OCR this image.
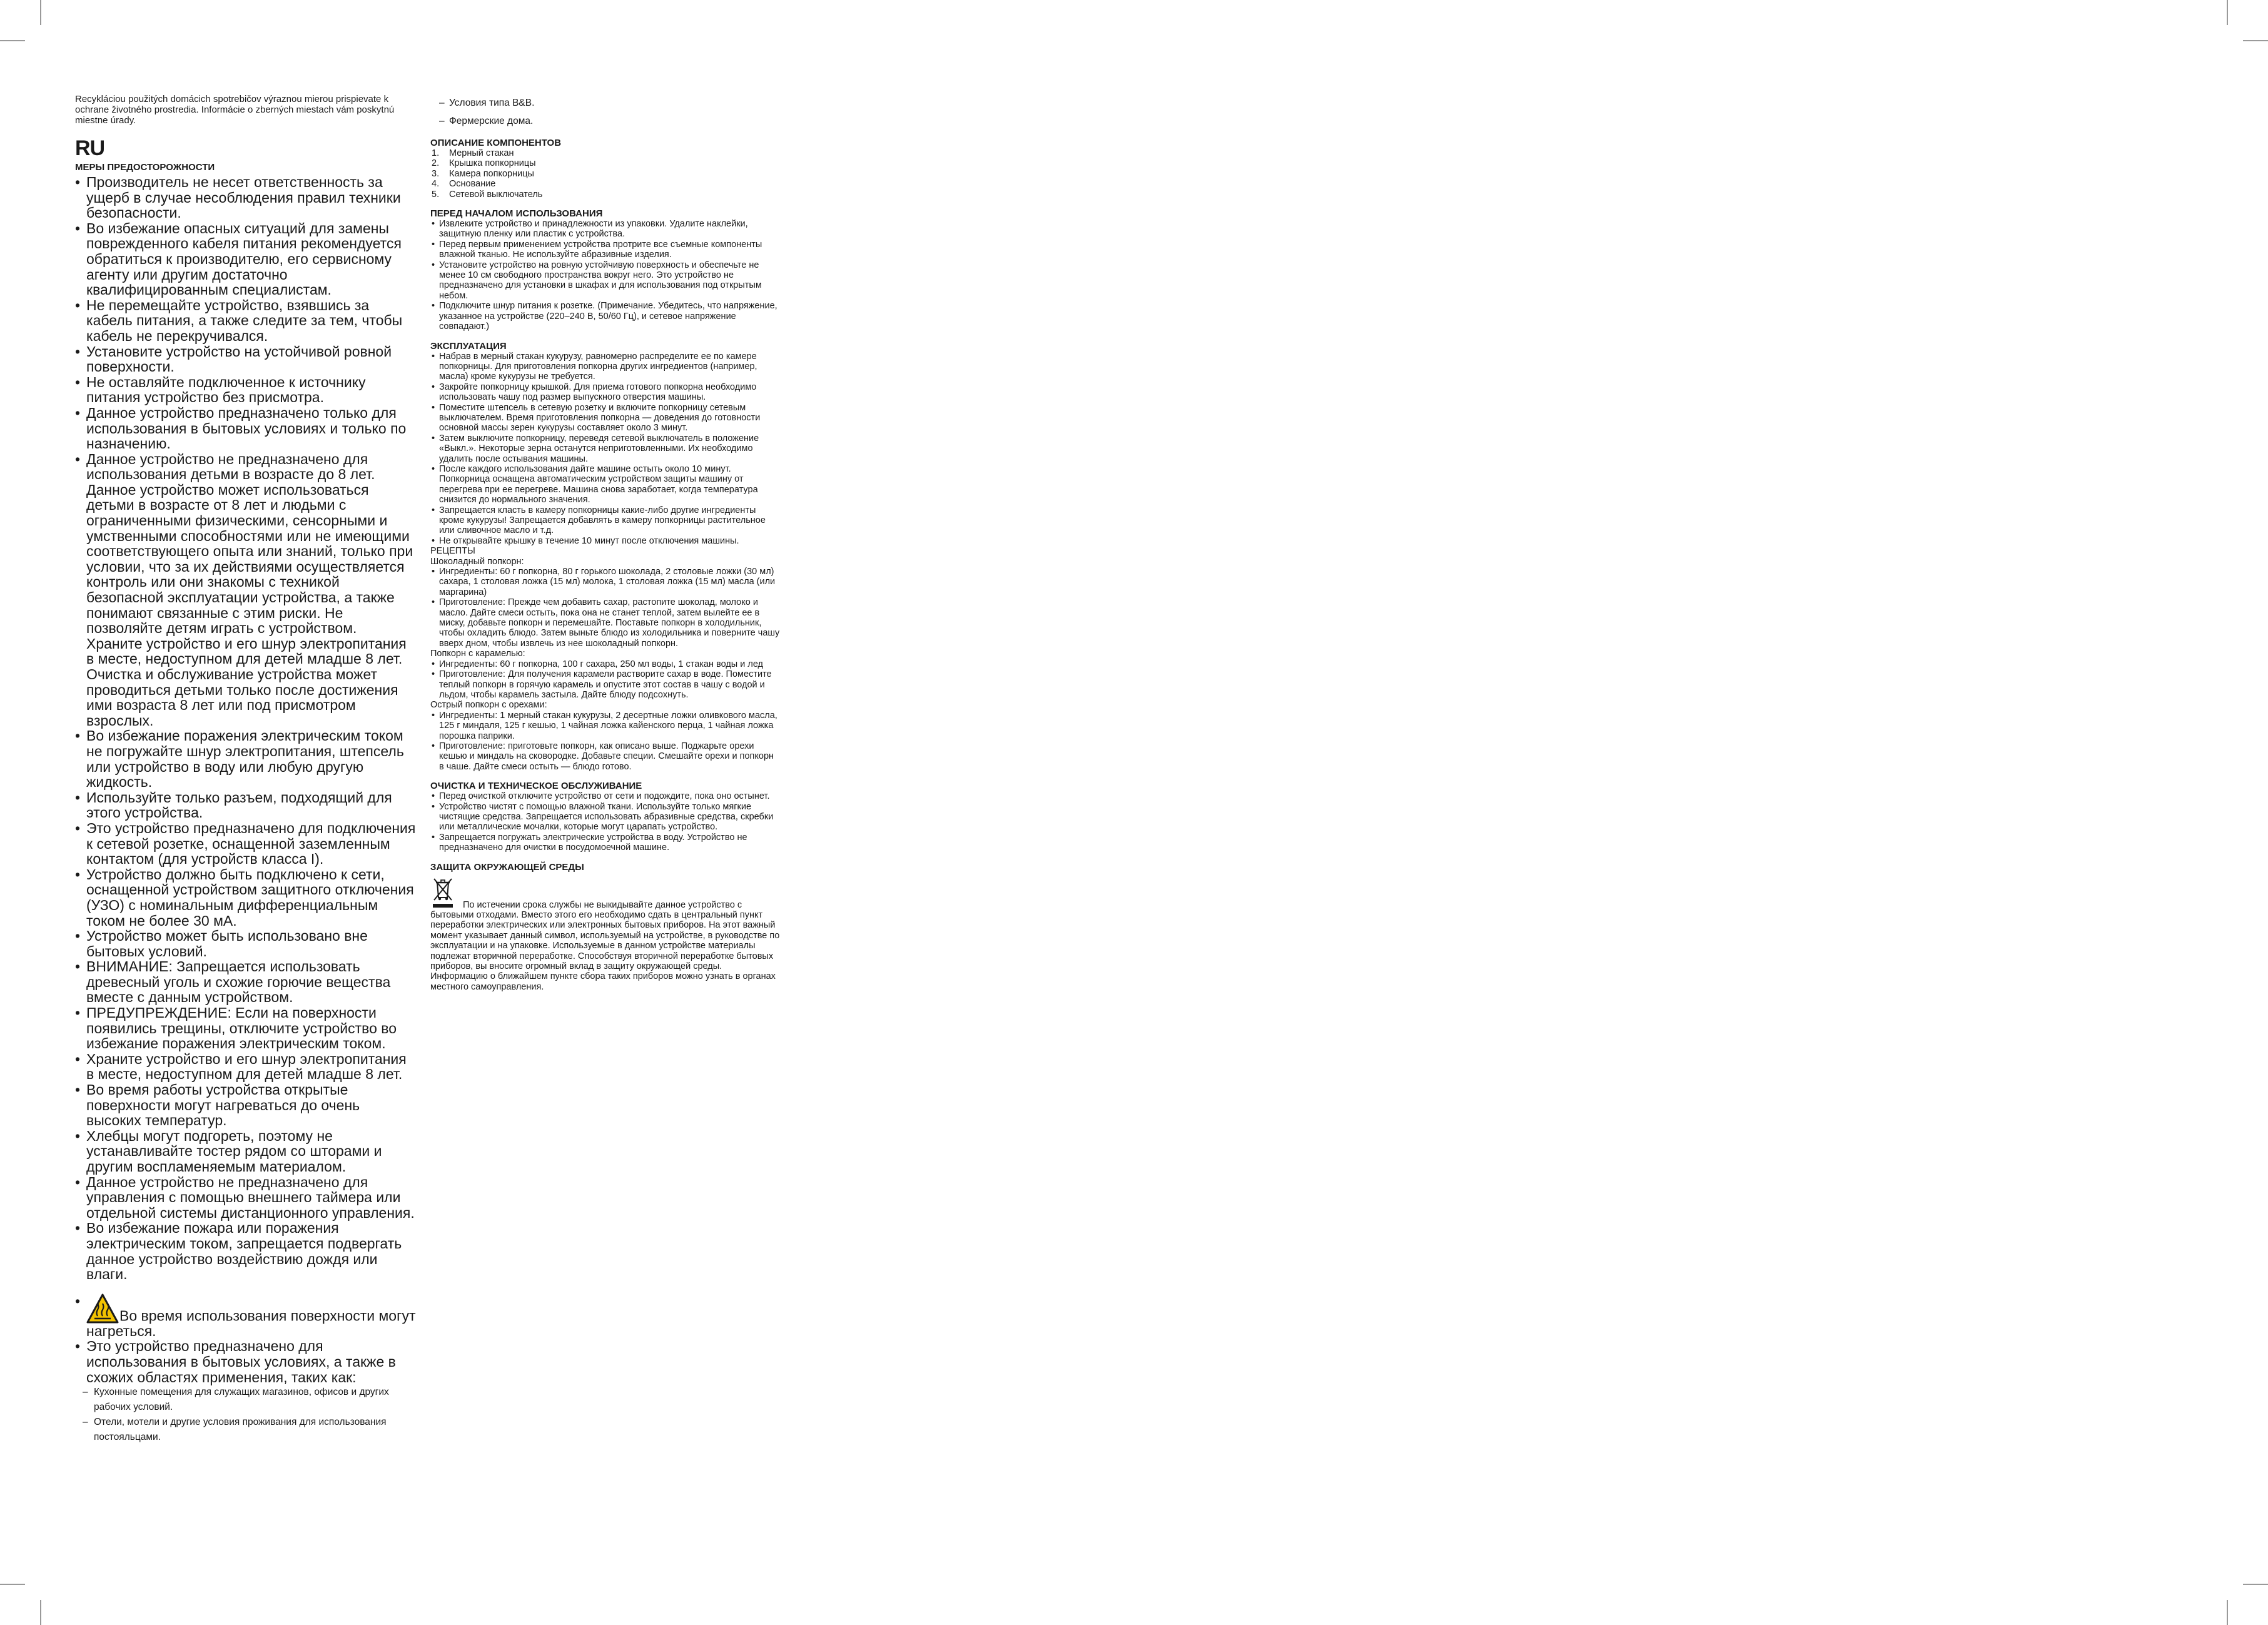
Recykláciou použitých domácich spotrebičov výraznou mierou prispievate k ochrane životného prostredia. Informácie o zberných miestach vám poskytnú miestne úrady.

RU
МЕРЫ ПРЕДОСТОРОЖНОСТИ
• Производитель не несет ответственность за ущерб в случае несоблюдения правил техники безопасности.
• Во избежание опасных ситуаций для замены поврежденного кабеля питания рекомендуется обратиться к производителю, его сервисному агенту или другим достаточно квалифицированным специалистам.
• Не перемещайте устройство, взявшись за кабель питания, а также следите за тем, чтобы кабель не перекручивался.
• Установите устройство на устойчивой ровной поверхности.
• Не оставляйте подключенное к источнику питания устройство без присмотра.
• Данное устройство предназначено только для использования в бытовых условиях и только по назначению.
• Данное устройство не предназначено для использования детьми в возрасте до 8 лет. Данное устройство может использоваться детьми в возрасте от 8 лет и людьми с ограниченными физическими, сенсорными и умственными способностями или не имеющими соответствующего опыта или знаний, только при условии, что за их действиями осуществляется контроль или они знакомы с техникой безопасной эксплуатации устройства, а также понимают связанные с этим риски. Не позволяйте детям играть с устройством. Храните устройство и его шнур электропитания в месте, недоступном для детей младше 8 лет. Очистка и обслуживание устройства может проводиться детьми только после достижения ими возраста 8 лет или под присмотром взрослых.
• Во избежание поражения электрическим током не погружайте шнур электропитания, штепсель или устройство в воду или любую другую жидкость.
• Используйте только разъем, подходящий для этого устройства.
• Это устройство предназначено для подключения к сетевой розетке, оснащенной заземленным контактом (для устройств класса I).
• Устройство должно быть подключено к сети, оснащенной устройством защитного отключения (УЗО) с номинальным дифференциальным током не более 30 мА.
• Устройство может быть использовано вне бытовых условий.
• ВНИМАНИЕ: Запрещается использовать древесный уголь и схожие горючие вещества вместе с данным устройством.
• ПРЕДУПРЕЖДЕНИЕ: Если на поверхности появились трещины, отключите устройство во избежание поражения электрическим током.
• Храните устройство и его шнур электропитания в месте, недоступном для детей младше 8 лет.
• Во время работы устройства открытые поверхности могут нагреваться до очень высоких температур.
• Хлебцы могут подгореть, поэтому не устанавливайте тостер рядом со шторами и другим воспламеняемым материалом.
• Данное устройство не предназначено для управления с помощью внешнего таймера или отдельной системы дистанционного управления.
• Во избежание пожара или поражения электрическим током, запрещается подвергать данное устройство воздействию дождя или влаги.
• Во время использования поверхности могут нагреться.
• Это устройство предназначено для использования в бытовых условиях, а также в схожих областях применения, таких как:
– Кухонные помещения для служащих магазинов, офисов и других рабочих условий.
– Отели, мотели и другие условия проживания для использования постояльцами.
– Условия типа B&B.
– Фермерские дома.
ОПИСАНИЕ КОМПОНЕНТОВ
1. Мерный стакан
2. Крышка попкорницы
3. Камера попкорницы
4. Основание
5. Сетевой выключатель
ПЕРЕД НАЧАЛОМ ИСПОЛЬЗОВАНИЯ
• Извлеките устройство и принадлежности из упаковки. Удалите наклейки, защитную пленку или пластик с устройства.
• Перед первым применением устройства протрите все съемные компоненты влажной тканью. Не используйте абразивные изделия.
• Установите устройство на ровную устойчивую поверхность и обеспечьте не менее 10 см свободного пространства вокруг него. Это устройство не предназначено для установки в шкафах и для использования под открытым небом.
• Подключите шнур питания к розетке. (Примечание. Убедитесь, что напряжение, указанное на устройстве (220–240 В, 50/60 Гц), и сетевое напряжение совпадают.)
ЭКСПЛУАТАЦИЯ
• Набрав в мерный стакан кукурузу, равномерно распределите ее по камере попкорницы. Для приготовления попкорна других ингредиентов (например, масла) кроме кукурузы не требуется.
• Закройте попкорницу крышкой. Для приема готового попкорна необходимо использовать чашу под размер выпускного отверстия машины.
• Поместите штепсель в сетевую розетку и включите попкорницу сетевым выключателем. Время приготовления попкорна — доведения до готовности основной массы зерен кукурузы составляет около 3 минут.
• Затем выключите попкорницу, переведя сетевой выключатель в положение «Выкл.». Некоторые зерна останутся неприготовленными. Их необходимо удалить после остывания машины.
• После каждого использования дайте машине остыть около 10 минут. Попкорница оснащена автоматическим устройством защиты машину от перегрева при ее перегреве. Машина снова заработает, когда температура снизится до нормального значения.
• Запрещается класть в камеру попкорницы какие-либо другие ингредиенты кроме кукурузы! Запрещается добавлять в камеру попкорницы растительное или сливочное масло и т.д.
• Не открывайте крышку в течение 10 минут после отключения машины.
РЕЦЕПТЫ
Шоколадный попкорн:
• Ингредиенты: 60 г попкорна, 80 г горького шоколада, 2 столовые ложки (30 мл) сахара, 1 столовая ложка (15 мл) молока, 1 столовая ложка (15 мл) масла (или маргарина)
• Приготовление: Прежде чем добавить сахар, растопите шоколад, молоко и масло. Дайте смеси остыть, пока она не станет теплой, затем вылейте ее в миску, добавьте попкорн и перемешайте. Поставьте попкорн в холодильник, чтобы охладить блюдо. Затем выньте блюдо из холодильника и поверните чашу вверх дном, чтобы извлечь из нее шоколадный попкорн.
Попкорн с карамелью:
• Ингредиенты: 60 г попкорна, 100 г сахара, 250 мл воды, 1 стакан воды и лед
• Приготовление: Для получения карамели растворите сахар в воде. Поместите теплый попкорн в горячую карамель и опустите этот состав в чашу с водой и льдом, чтобы карамель застыла. Дайте блюду подсохнуть.
Острый попкорн с орехами:
• Ингредиенты: 1 мерный стакан кукурузы, 2 десертные ложки оливкового масла, 125 г миндаля, 125 г кешью, 1 чайная ложка кайенского перца, 1 чайная ложка порошка паприки.
• Приготовление: приготовьте попкорн, как описано выше. Поджарьте орехи кешью и миндаль на сковородке. Добавьте специи. Смешайте орехи и попкорн в чаше. Дайте смеси остыть — блюдо готово.
ОЧИСТКА И ТЕХНИЧЕСКОЕ ОБСЛУЖИВАНИЕ
• Перед очисткой отключите устройство от сети и подождите, пока оно остынет.
• Устройство чистят с помощью влажной ткани. Используйте только мягкие чистящие средства. Запрещается использовать абразивные средства, скребки или металлические мочалки, которые могут царапать устройство.
• Запрещается погружать электрические устройства в воду. Устройство не предназначено для очистки в посудомоечной машине.
ЗАЩИТА ОКРУЖАЮЩЕЙ СРЕДЫ
По истечении срока службы не выкидывайте данное устройство с бытовыми отходами. Вместо этого его необходимо сдать в центральный пункт переработки электрических или электронных бытовых приборов. На этот важный момент указывает данный символ, используемый на устройстве, в руководстве по эксплуатации и на упаковке. Используемые в данном устройстве материалы подлежат вторичной переработке. Способствуя вторичной переработке бытовых приборов, вы вносите огромный вклад в защиту окружающей среды. Информацию о ближайшем пункте сбора таких приборов можно узнать в органах местного самоуправления.
